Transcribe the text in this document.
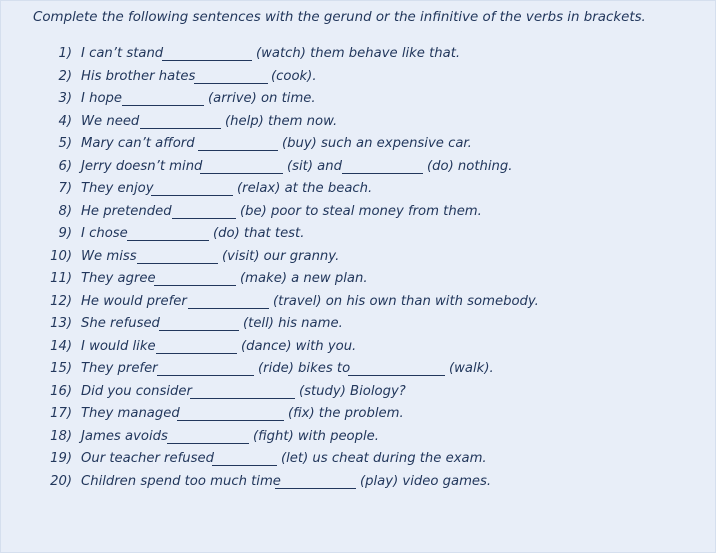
Complete the following sentences with the gerund or the infinitive of the verbs in brackets.
1) I can’t stand	(watch) them behave like that.
2) His brother hates	(cook).
3) I hope	(arrive) on time.
4) We need	(help) them now.
5) Mary can’t afford	(buy) such an expensive car.
6) Jerry doesn’t mind	(sit) and	(do) nothing.
7) They enjoy	(relax) at the beach.
8) He pretended	(be) poor to steal money from them.
9) I chose	(do) that test.
10) We miss	(visit) our granny.
11) They agree	(make) a new plan.
12) He would prefer	(travel) on his own than with somebody.
13) She refused	(tell) his name.
14) I would like	(dance) with you.
15) They prefer	(ride) bikes to	(walk).
16) Did you consider	(study) Biology?
17) They managed	(fix) the problem.
18) James avoids	(fight) with people.
19) Our teacher refused	(let) us cheat during the exam.
20) Children spend too much time	(play) video games.
